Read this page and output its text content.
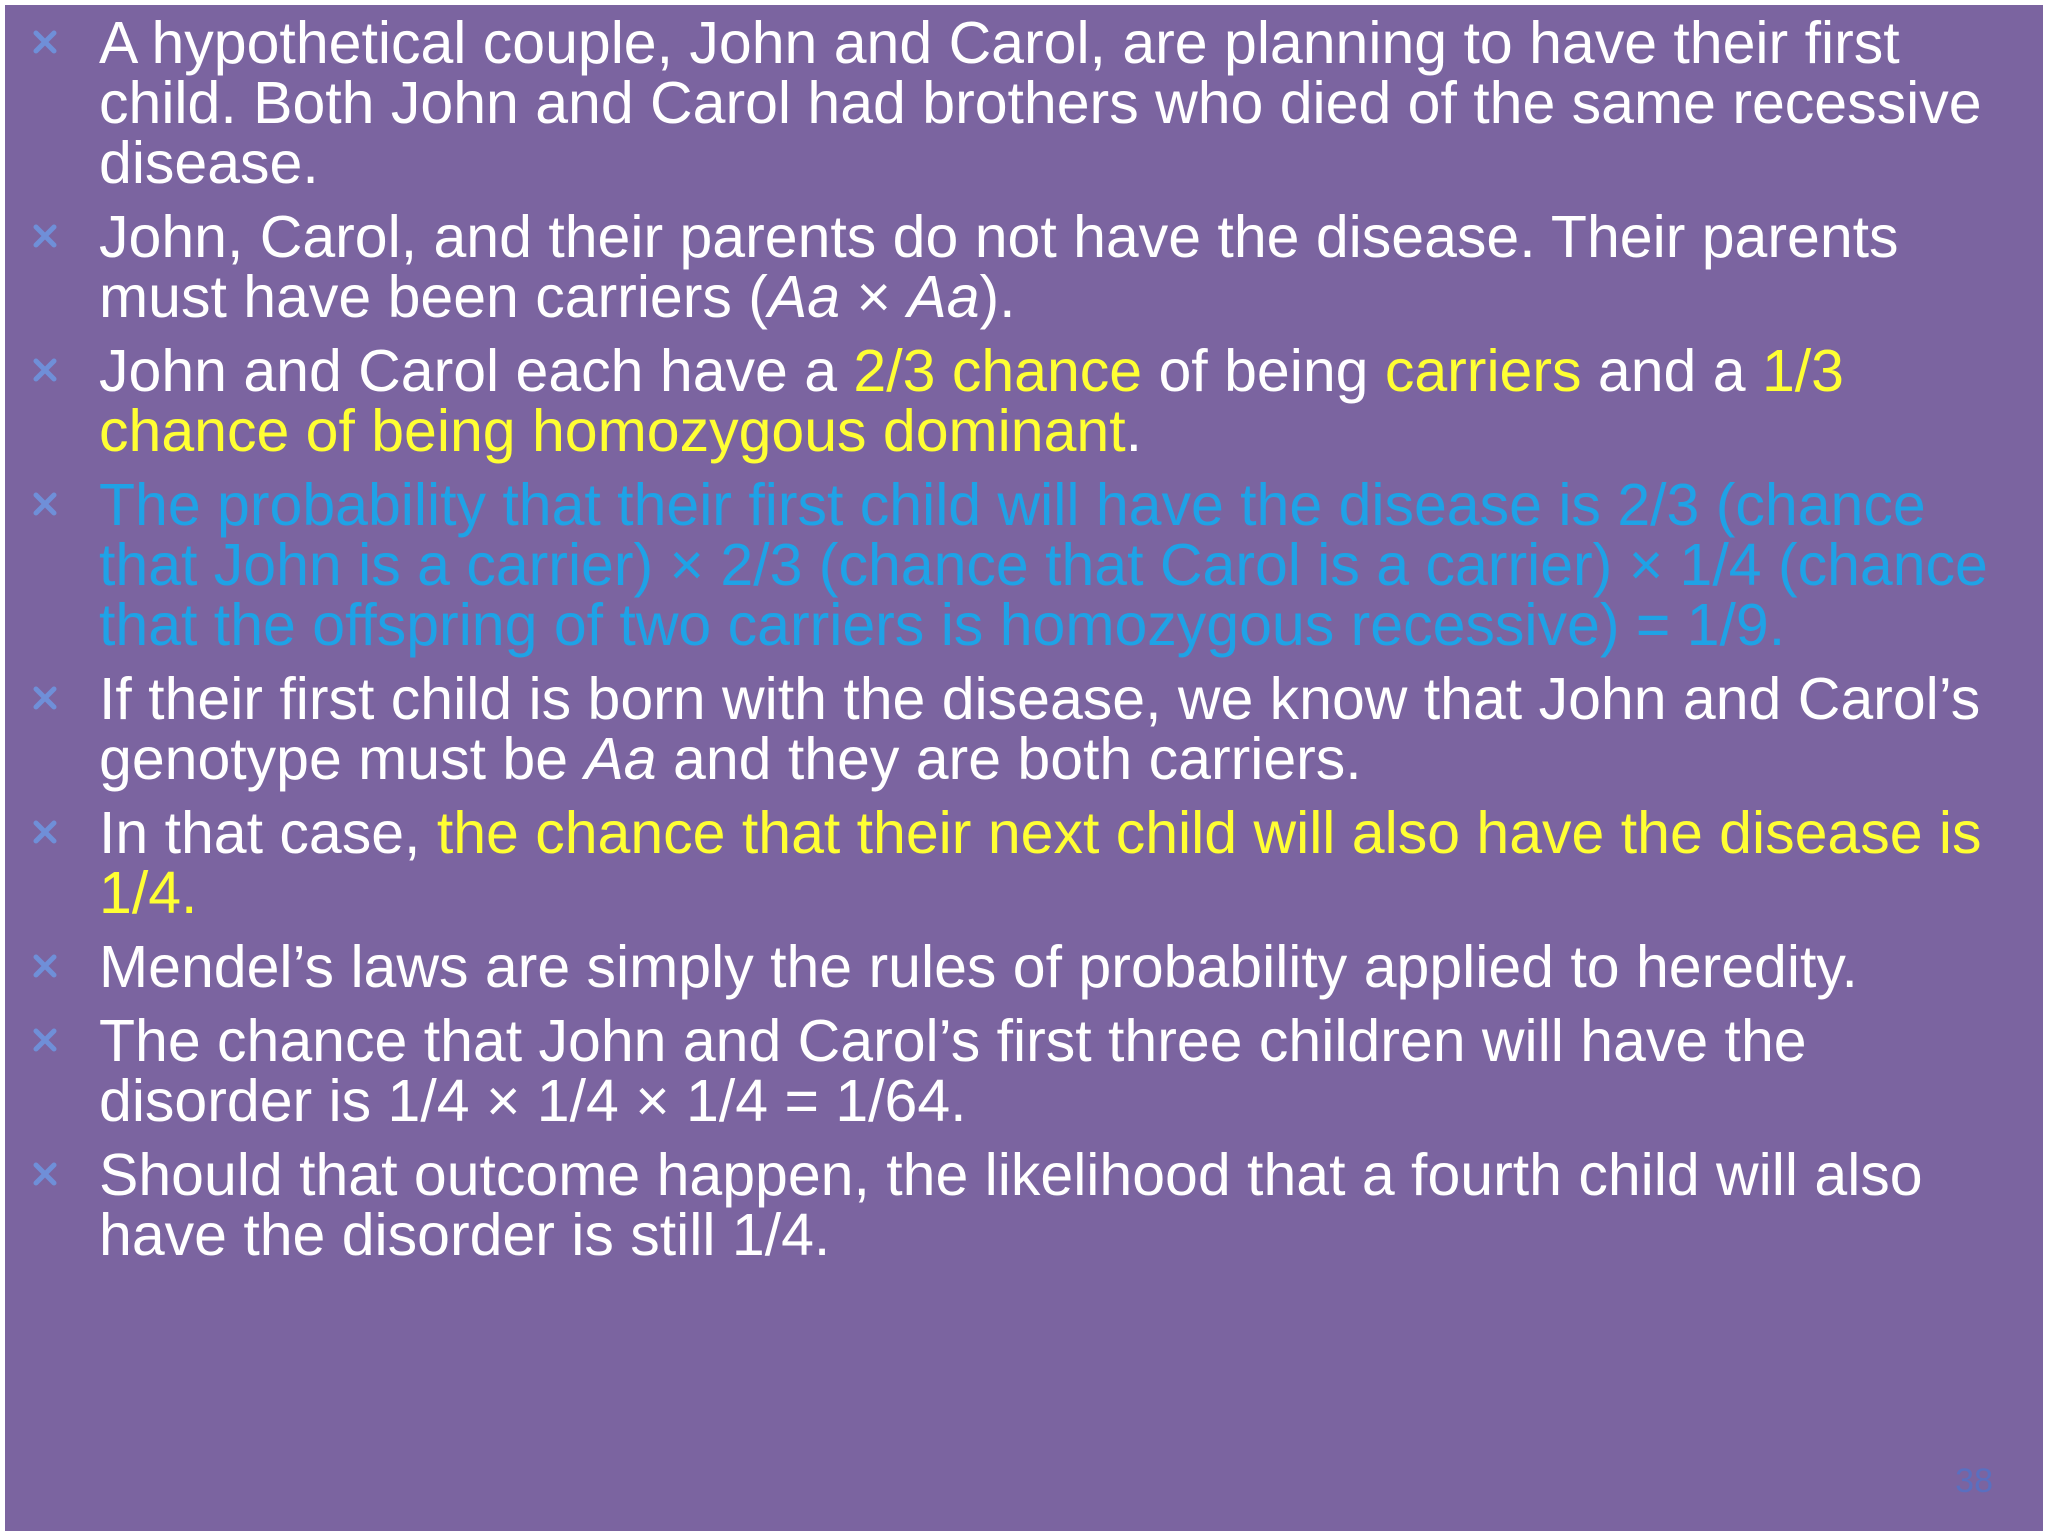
A hypothetical couple, John and Carol, are planning to have their first child. Both John and Carol had brothers who died of the same recessive disease.
John, Carol, and their parents do not have the disease. Their parents must have been carriers (Aa × Aa).
John and Carol each have a 2/3 chance of being carriers and a 1/3 chance of being homozygous dominant.
The probability that their first child will have the disease is 2/3 (chance that John is a carrier) × 2/3 (chance that Carol is a carrier) × 1/4 (chance that the offspring of two carriers is homozygous recessive) = 1/9.
If their first child is born with the disease, we know that John and Carol’s genotype must be Aa and they are both carriers.
In that case, the chance that their next child will also have the disease is 1/4.
Mendel’s laws are simply the rules of probability applied to heredity.
The chance that John and Carol’s first three children will have the disorder is 1/4 × 1/4 × 1/4 = 1/64.
Should that outcome happen, the likelihood that a fourth child will also have the disorder is still 1/4.
38
